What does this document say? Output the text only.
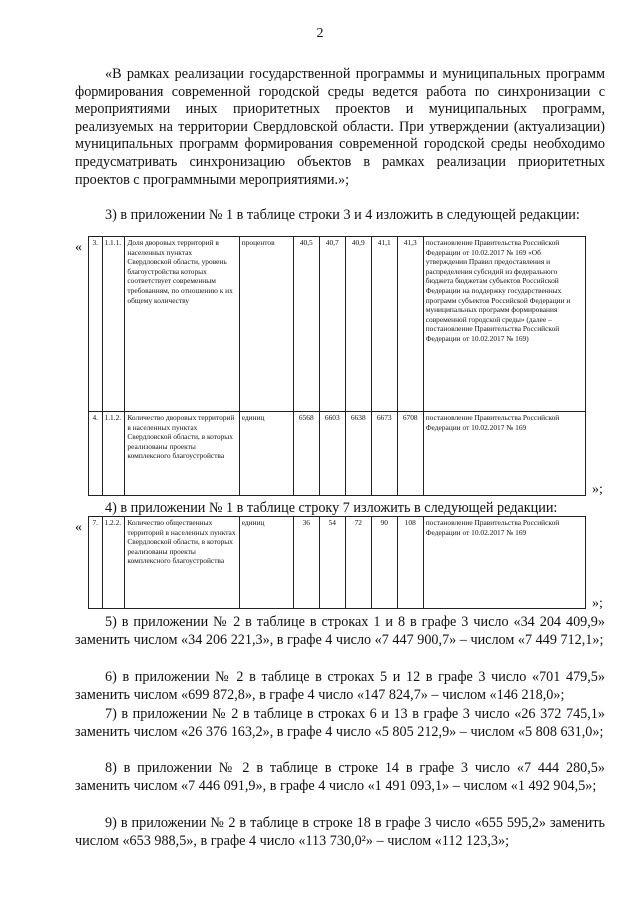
2

«В рамках реализации государственной программы и муниципальных программ формирования современной городской среды ведется работа по синхронизации с мероприятиями иных приоритетных проектов и муниципальных программ, реализуемых на территории Свердловской области. При утверждении (актуализации) муниципальных программ формирования современной городской среды необходимо предусматривать синхронизацию объектов в рамках реализации приоритетных проектов с программными мероприятиями.»;

3) в приложении № 1 в таблице строки 3 и 4 изложить в следующей редакции:

« 3.	1.1.1.	Доля дворовых территорий в населенных пунктах Свердловской области, уровень благоустройства которых соответствует современным требованиям, по отношению к их общему количеству	процентов	40,5	40,7	40,9	41,1	41,3	постановление Правительства Российской Федерации от 10.02.2017 № 169 «Об утверждении Правил предоставления и распределения субсидий из федерального бюджета бюджетам субъектов Российской Федерации на поддержку государственных программ субъектов Российской Федерации и муниципальных программ формирования современной городской среды» (далее – постановление Правительства Российской Федерации от 10.02.2017 № 169)
4.	1.1.2.	Количество дворовых территорий в населенных пунктах Свердловской области, в которых реализованы проекты комплексного благоустройства	единиц	6568	6603	6638	6673	6708	постановление Правительства Российской Федерации от 10.02.2017 № 169
»;

4) в приложении № 1 в таблице строку 7 изложить в следующей редакции:

« 7.	1.2.2.	Количество общественных территорий в населенных пунктах Свердловской области, в которых реализованы проекты комплексного благоустройства	единиц	36	54	72	90	108	постановление Правительства Российской Федерации от 10.02.2017 № 169
»;

5) в приложении № 2 в таблице в строках 1 и 8 в графе 3 число «34 204 409,9» заменить числом «34 206 221,3», в графе 4 число «7 447 900,7» – числом «7 449 712,1»;

6) в приложении № 2 в таблице в строках 5 и 12 в графе 3 число «701 479,5» заменить числом «699 872,8», в графе 4 число «147 824,7» – числом «146 218,0»;

7) в приложении № 2 в таблице в строках 6 и 13 в графе 3 число «26 372 745,1» заменить числом «26 376 163,2», в графе 4 число «5 805 212,9» – числом «5 808 631,0»;

8) в приложении № 2 в таблице в строке 14 в графе 3 число «7 444 280,5» заменить числом «7 446 091,9», в графе 4 число «1 491 093,1» – числом «1 492 904,5»;

9) в приложении № 2 в таблице в строке 18 в графе 3 число «655 595,2» заменить числом «653 988,5», в графе 4 число «113 730,0²» – числом «112 123,3»;
